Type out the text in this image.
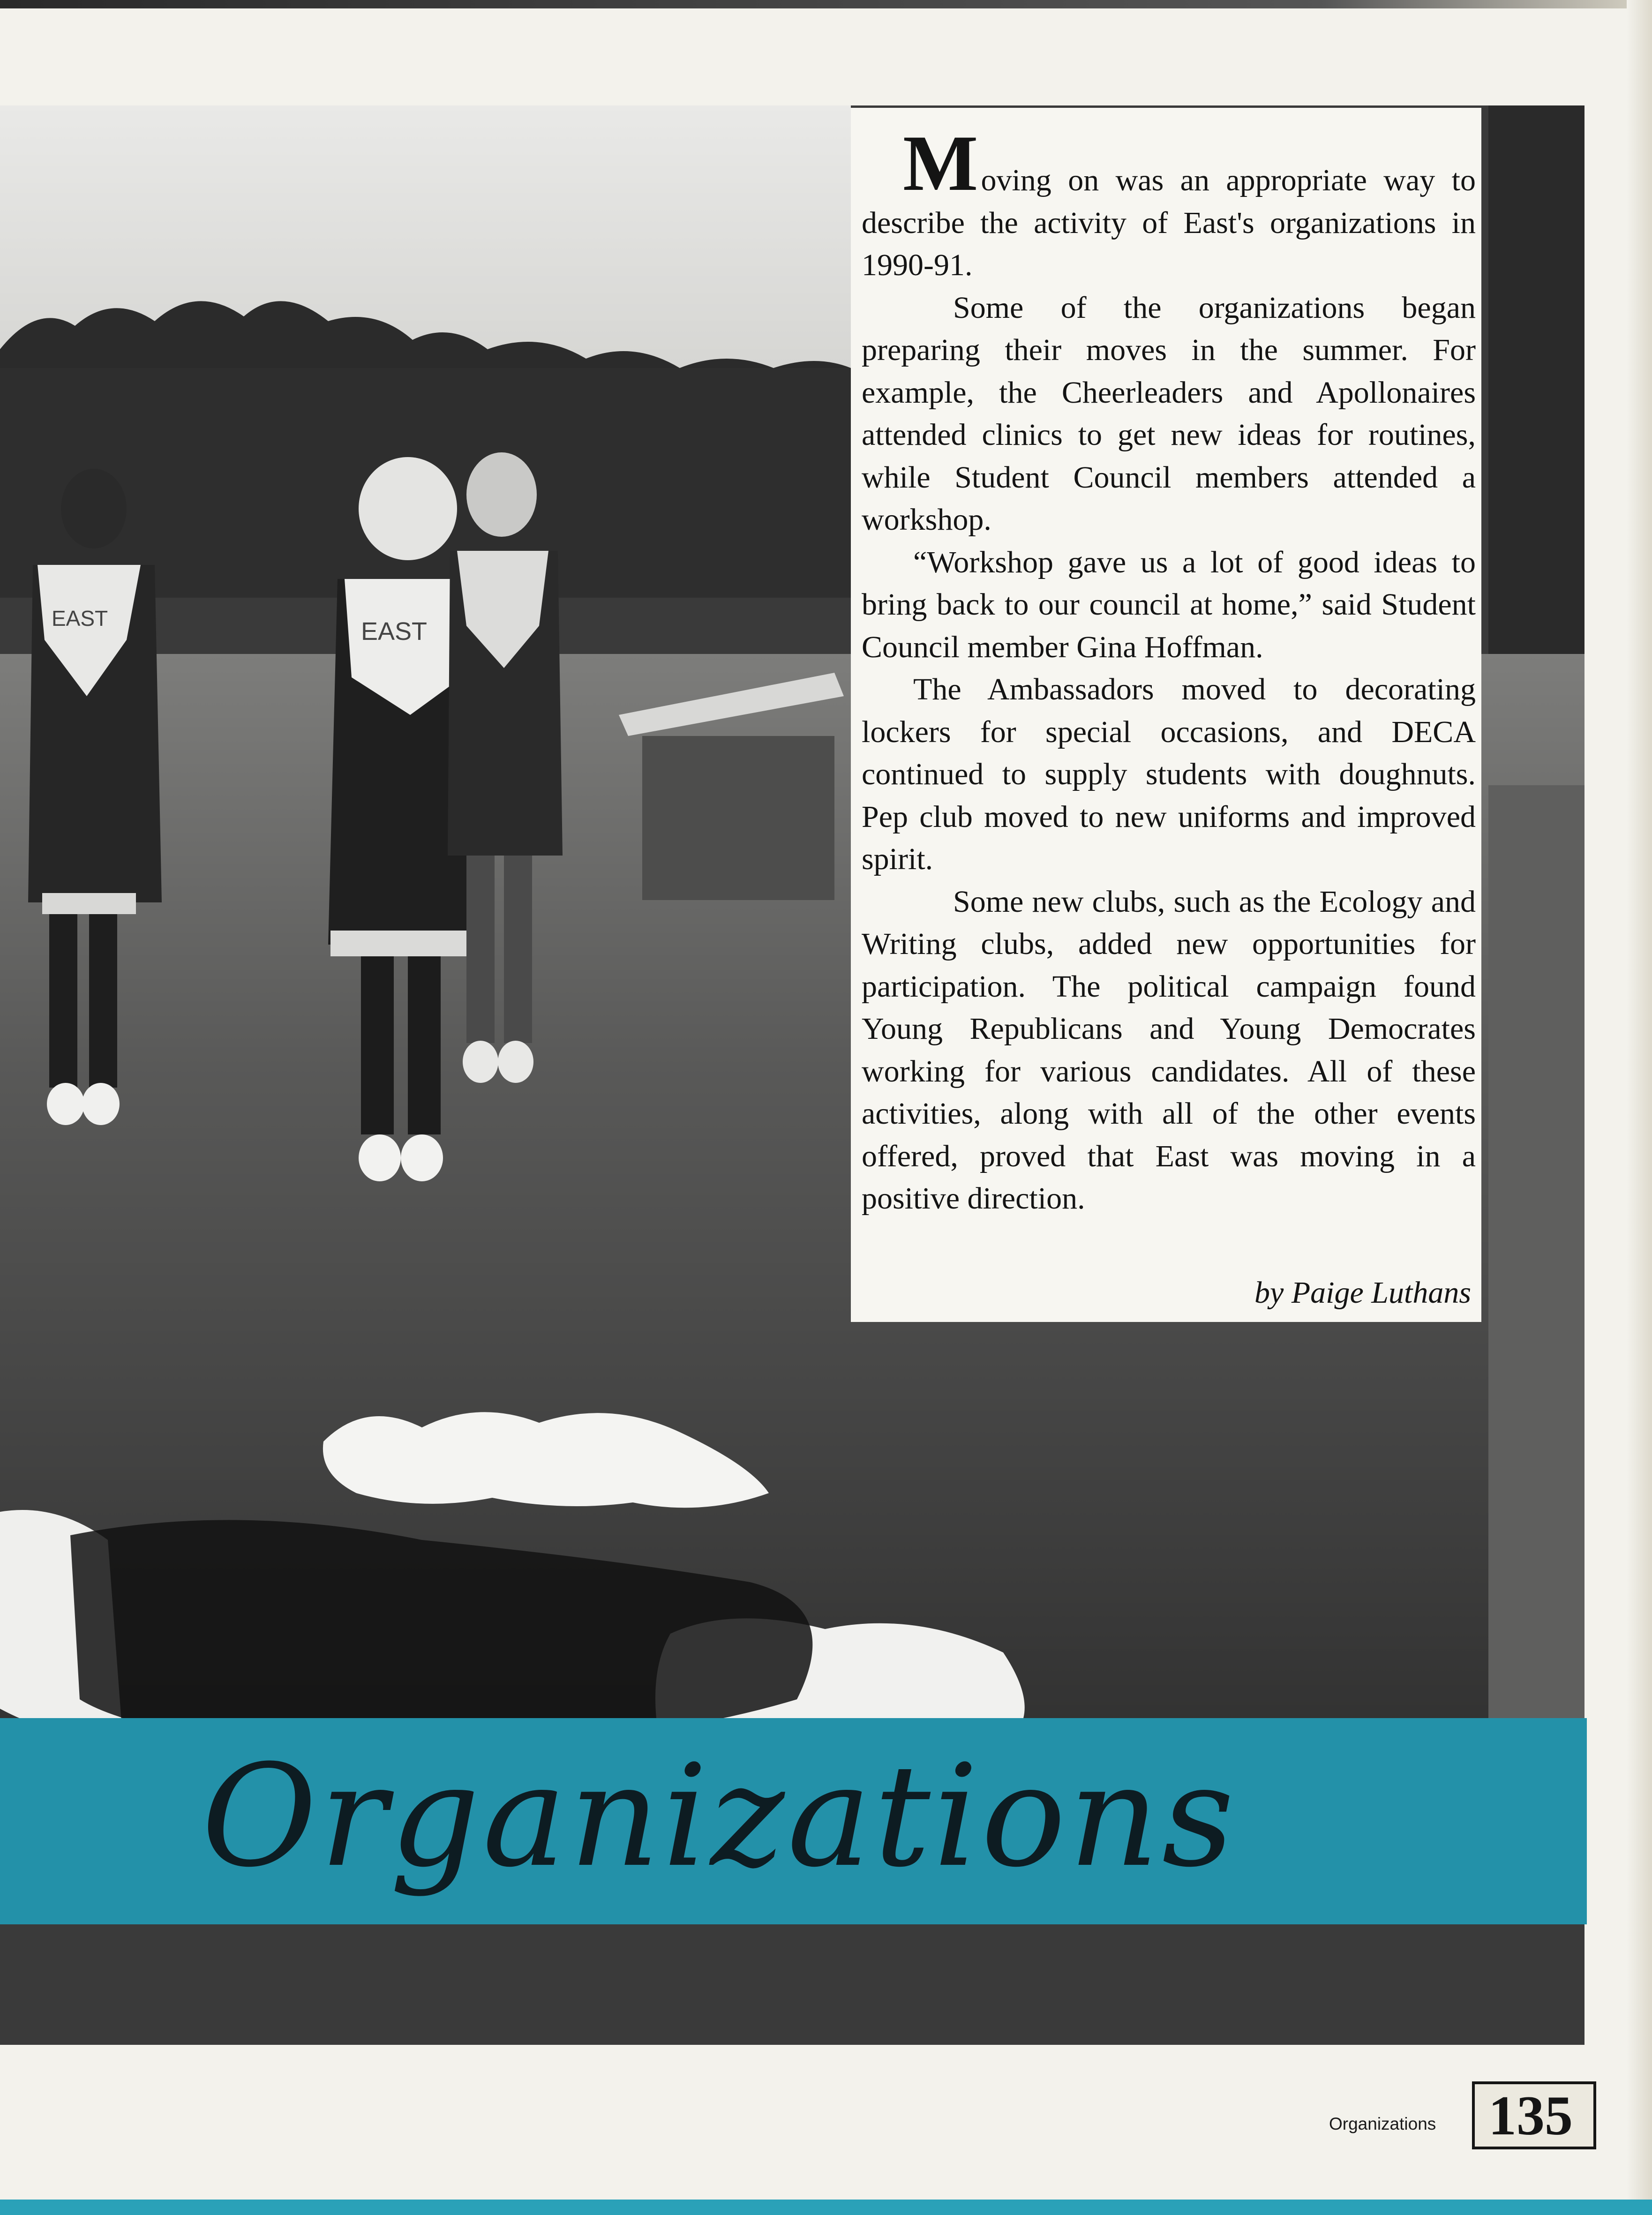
EAST	EAST

M oving on was an appropriate way to describe the activity of East's organizations in 1990-91.

Some of the organizations began preparing their moves in the summer. For example, the Cheerleaders and Apollonaires attended clinics to get new ideas for routines, while Student Council members attended a workshop.

“Workshop gave us a lot of good ideas to bring back to our council at home,” said Student Council member Gina Hoffman.

The Ambassadors moved to decorating lockers for special occasions, and DECA continued to supply students with doughnuts. Pep club moved to new uniforms and improved spirit.

Some new clubs, such as the Ecology and Writing clubs, added new opportunities for participation. The political campaign found Young Republicans and Young Democrates working for various candidates. All of these activities, along with all of the other events offered, proved that East was moving in a positive direction.

by Paige Luthans
Organizations
Organizations 135
